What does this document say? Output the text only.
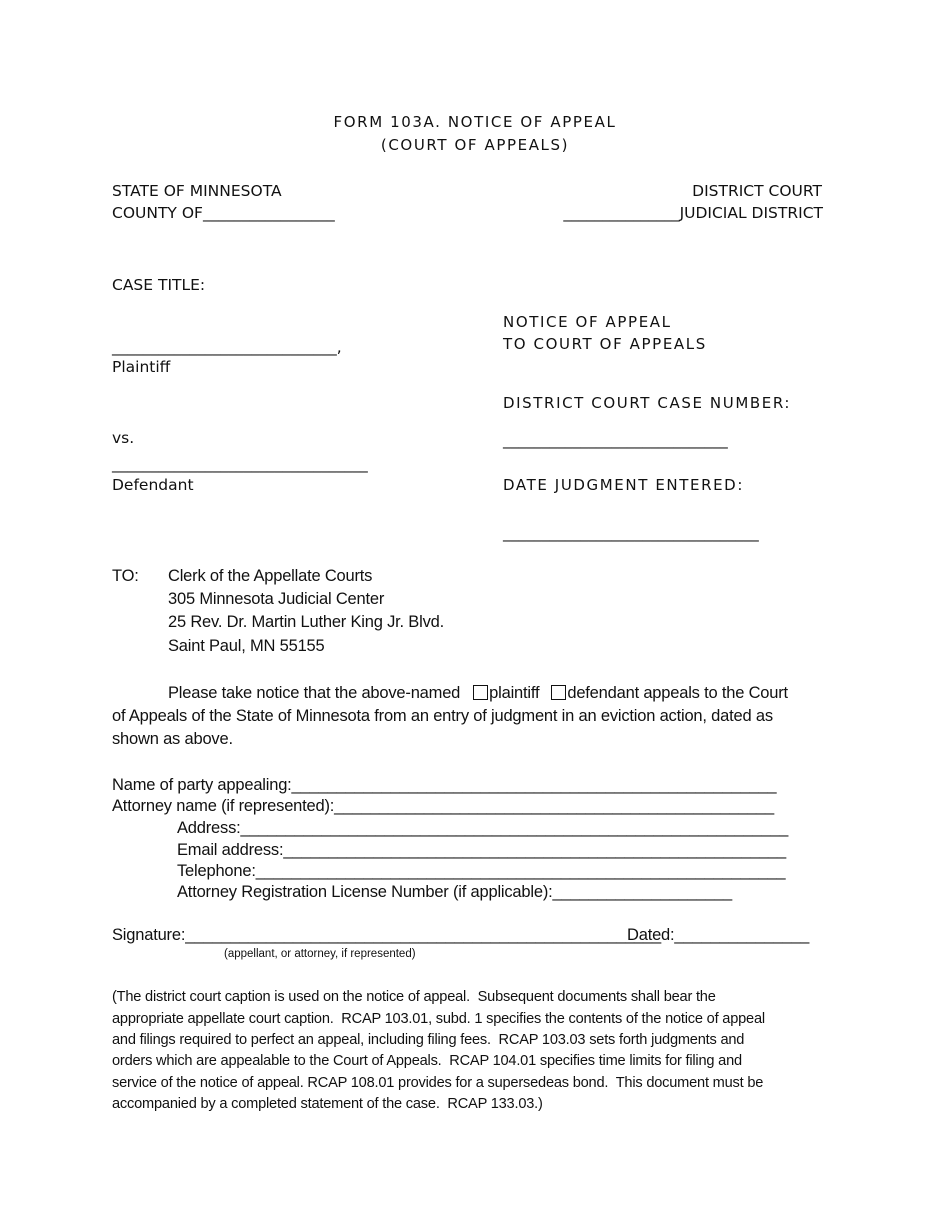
FORM 103A. NOTICE OF APPEAL
(COURT OF APPEALS)
STATE OF MINNESOTA
COUNTY OF_________________
DISTRICT COURT
_______________JUDICIAL DISTRICT
CASE TITLE:
NOTICE OF APPEAL
TO COURT OF APPEALS
_____________________________,
Plaintiff
DISTRICT COURT CASE NUMBER:
_____________________________
vs.
_________________________________
Defendant	DATE JUDGMENT ENTERED:
_________________________________
TO: Clerk of the Appellate Courts
305 Minnesota Judicial Center
25 Rev. Dr. Martin Luther King Jr. Blvd.
Saint Paul, MN 55155
Please take notice that the above-named plaintiff defendant appeals to the Court
of Appeals of the State of Minnesota from an entry of judgment in an eviction action, dated as
shown as above.
Name of party appealing:______________________________________________________
Attorney name (if represented):_________________________________________________
Address:_____________________________________________________________
Email address:________________________________________________________
Telephone:___________________________________________________________
Attorney Registration License Number (if applicable):____________________
Signature:_____________________________________________________
Dated:_______________
(appellant, or attorney, if represented)
(The district court caption is used on the notice of appeal.  Subsequent documents shall bear the
appropriate appellate court caption.  RCAP 103.01, subd. 1 specifies the contents of the notice of appeal
and filings required to perfect an appeal, including filing fees.  RCAP 103.03 sets forth judgments and
orders which are appealable to the Court of Appeals.  RCAP 104.01 specifies time limits for filing and
service of the notice of appeal. RCAP 108.01 provides for a supersedeas bond.  This document must be
accompanied by a completed statement of the case.  RCAP 133.03.)
